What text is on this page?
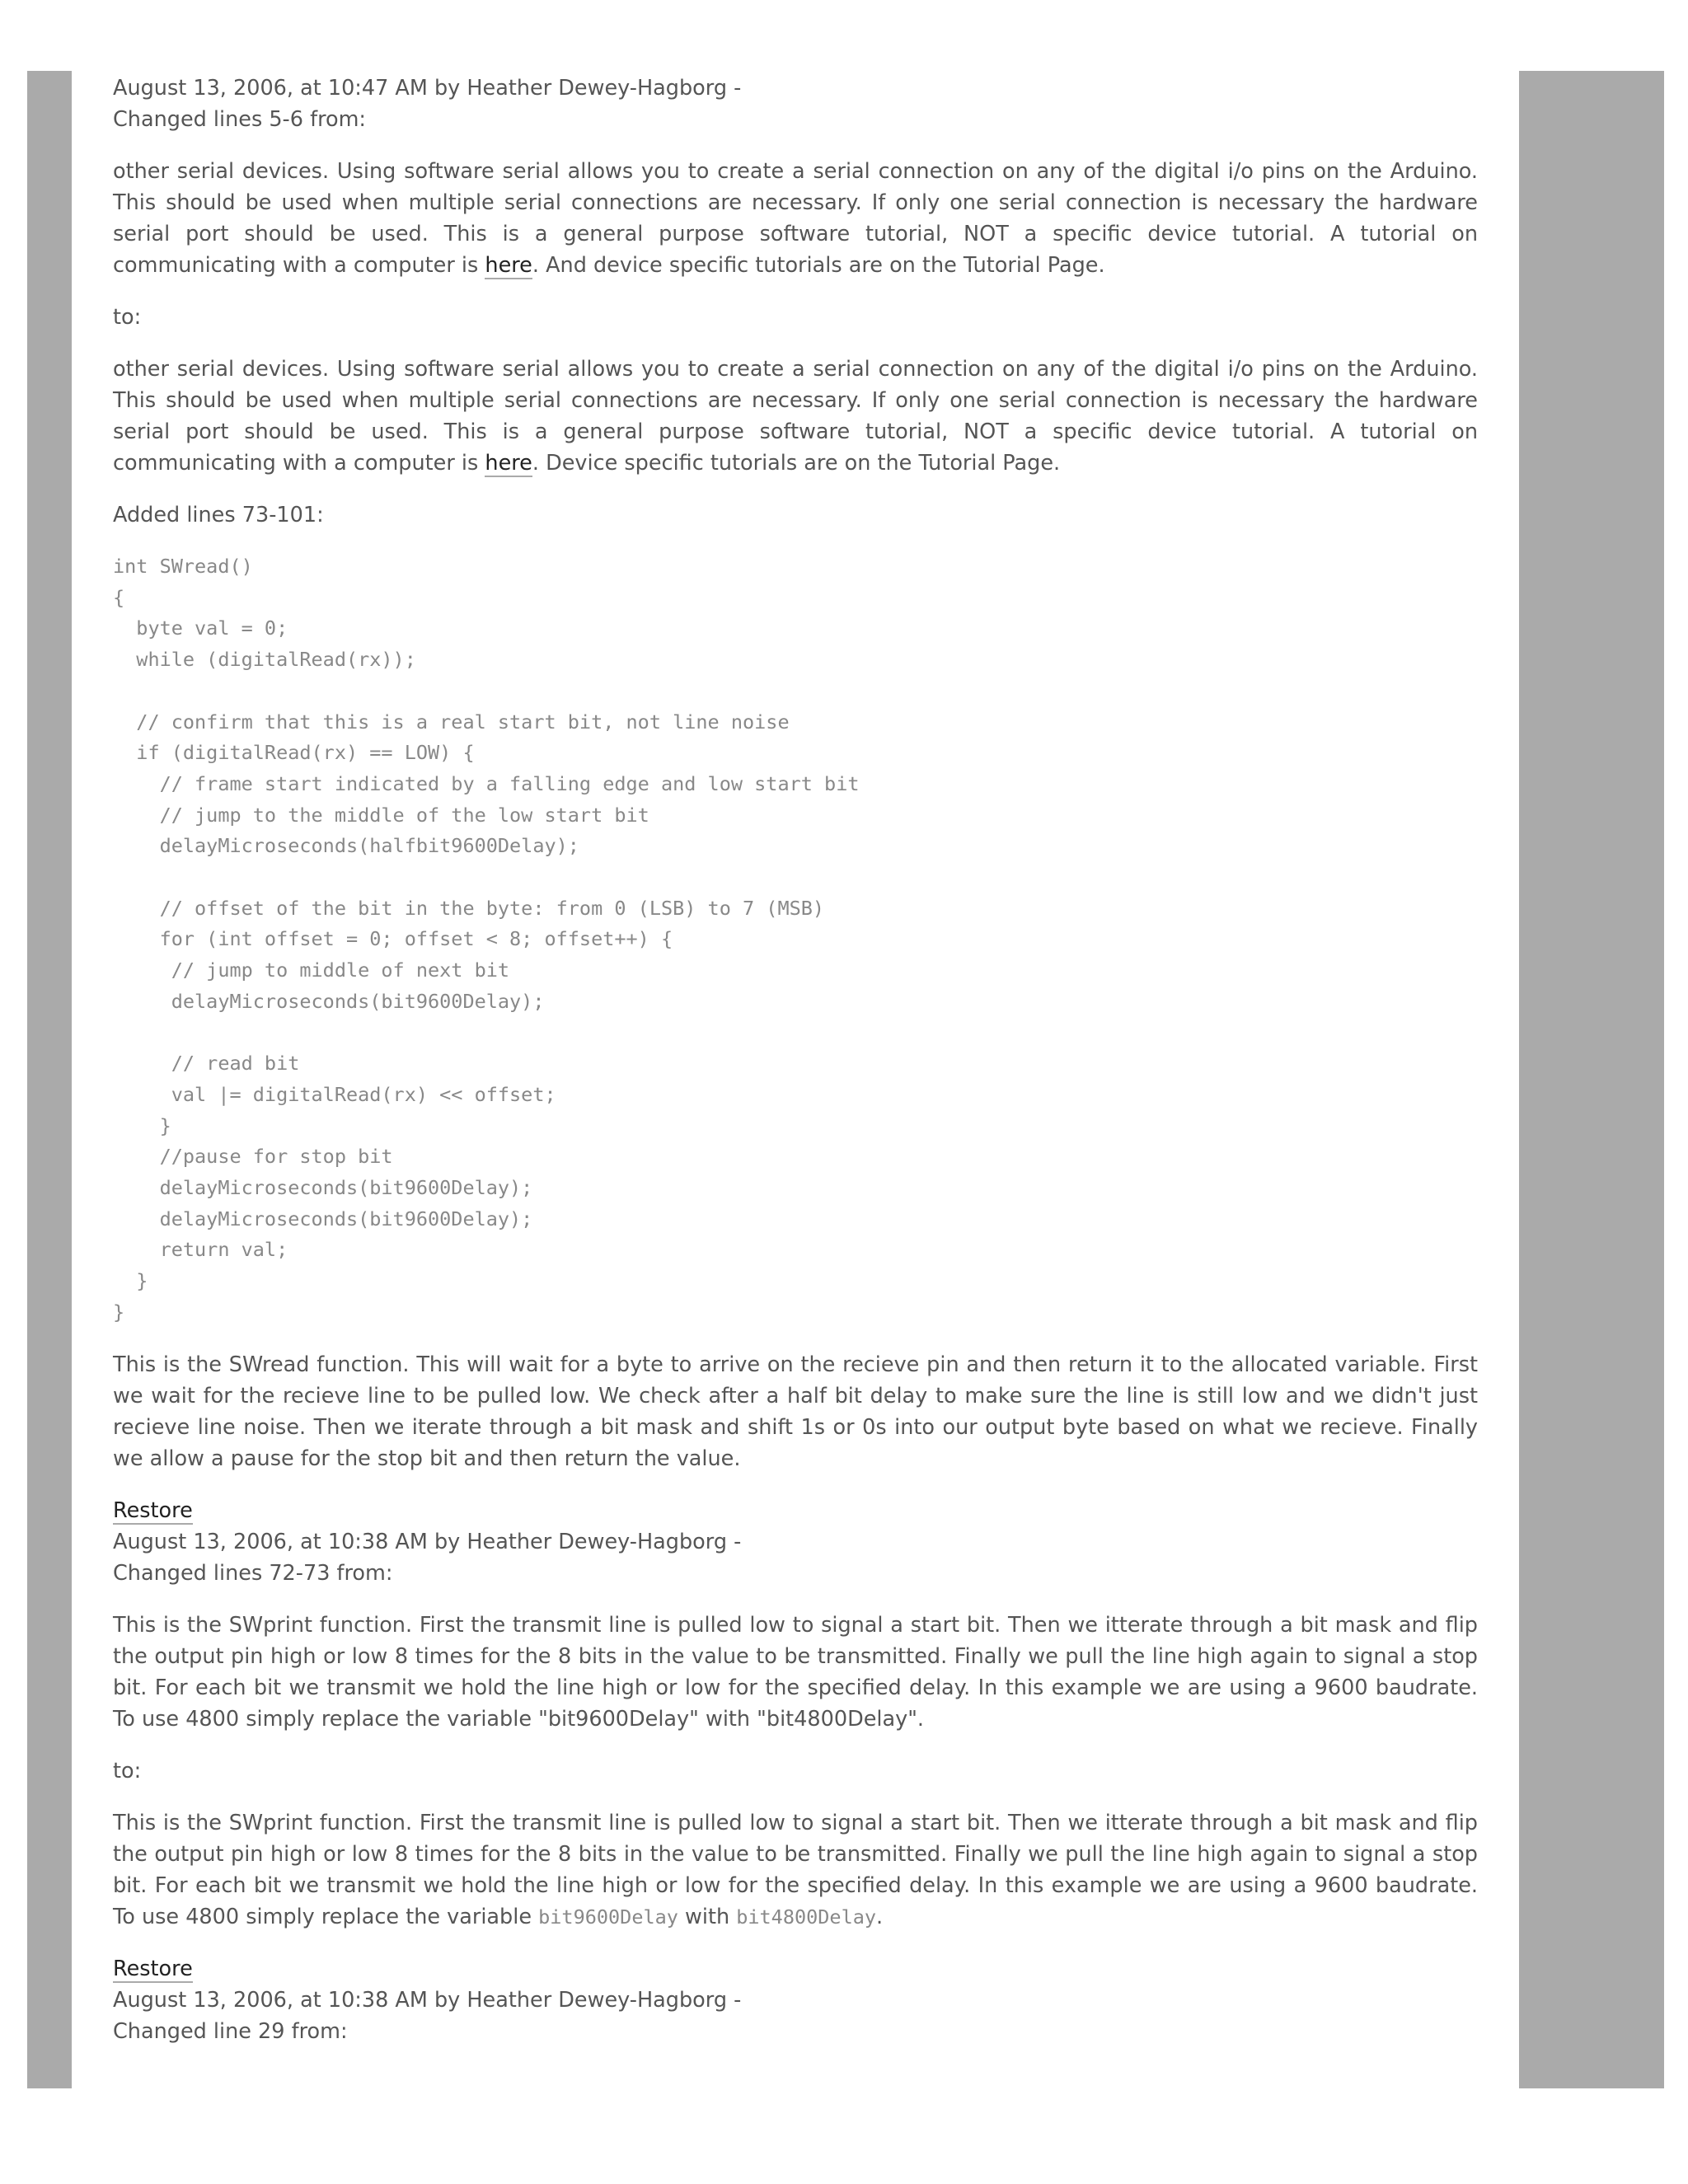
August 13, 2006, at 10:47 AM by Heather Dewey-Hagborg -
Changed lines 5-6 from:

other serial devices. Using software serial allows you to create a serial connection on any of the digital i/o pins on the Arduino. This should be used when multiple serial connections are necessary. If only one serial connection is necessary the hardware serial port should be used. This is a general purpose software tutorial, NOT a specific device tutorial. A tutorial on communicating with a computer is here. And device specific tutorials are on the Tutorial Page.

to:

other serial devices. Using software serial allows you to create a serial connection on any of the digital i/o pins on the Arduino. This should be used when multiple serial connections are necessary. If only one serial connection is necessary the hardware serial port should be used. This is a general purpose software tutorial, NOT a specific device tutorial. A tutorial on communicating with a computer is here. Device specific tutorials are on the Tutorial Page.

Added lines 73-101:
int SWread()
{
byte val = 0;
while (digitalRead(rx));

// confirm that this is a real start bit, not line noise
if (digitalRead(rx) == LOW) {
// frame start indicated by a falling edge and low start bit
// jump to the middle of the low start bit
delayMicroseconds(halfbit9600Delay);

// offset of the bit in the byte: from 0 (LSB) to 7 (MSB)
for (int offset = 0; offset < 8; offset++) {
// jump to middle of next bit
delayMicroseconds(bit9600Delay);

// read bit
val |= digitalRead(rx) << offset;
}
//pause for stop bit
delayMicroseconds(bit9600Delay);
delayMicroseconds(bit9600Delay);
return val;
}
}

This is the SWread function. This will wait for a byte to arrive on the recieve pin and then return it to the allocated variable. First we wait for the recieve line to be pulled low. We check after a half bit delay to make sure the line is still low and we didn't just recieve line noise. Then we iterate through a bit mask and shift 1s or 0s into our output byte based on what we recieve. Finally we allow a pause for the stop bit and then return the value.

Restore
August 13, 2006, at 10:38 AM by Heather Dewey-Hagborg -
Changed lines 72-73 from:

This is the SWprint function. First the transmit line is pulled low to signal a start bit. Then we itterate through a bit mask and flip the output pin high or low 8 times for the 8 bits in the value to be transmitted. Finally we pull the line high again to signal a stop bit. For each bit we transmit we hold the line high or low for the specified delay. In this example we are using a 9600 baudrate. To use 4800 simply replace the variable "bit9600Delay" with "bit4800Delay".

to:

This is the SWprint function. First the transmit line is pulled low to signal a start bit. Then we itterate through a bit mask and flip the output pin high or low 8 times for the 8 bits in the value to be transmitted. Finally we pull the line high again to signal a stop bit. For each bit we transmit we hold the line high or low for the specified delay. In this example we are using a 9600 baudrate. To use 4800 simply replace the variable bit9600Delay with bit4800Delay.

Restore
August 13, 2006, at 10:38 AM by Heather Dewey-Hagborg -
Changed line 29 from:
